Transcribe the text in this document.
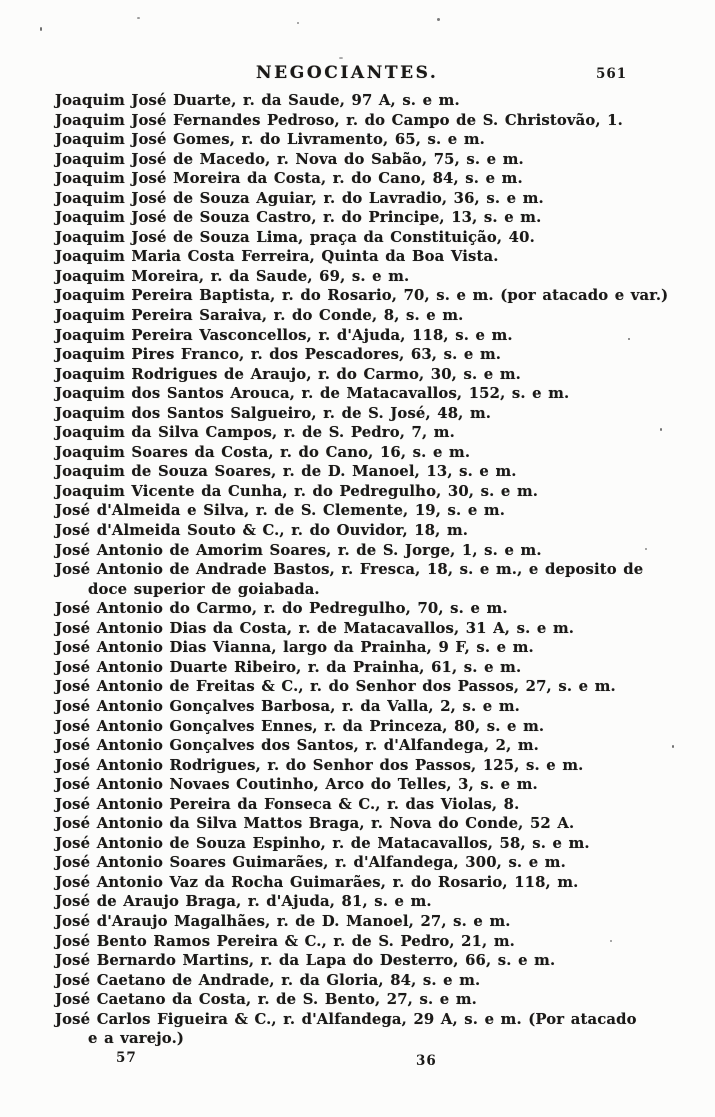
NEGOCIANTES.	561
Joaquim José Duarte, r. da Saude, 97 A, s. e m.
Joaquim José Fernandes Pedroso, r. do Campo de S. Christovão, 1.
Joaquim José Gomes, r. do Livramento, 65, s. e m.
Joaquim José de Macedo, r. Nova do Sabão, 75, s. e m.
Joaquim José Moreira da Costa, r. do Cano, 84, s. e m.
Joaquim José de Souza Aguiar, r. do Lavradio, 36, s. e m.
Joaquim José de Souza Castro, r. do Principe, 13, s. e m.
Joaquim José de Souza Lima, praça da Constituição, 40.
Joaquim Maria Costa Ferreira, Quinta da Boa Vista.
Joaquim Moreira, r. da Saude, 69, s. e m.
Joaquim Pereira Baptista, r. do Rosario, 70, s. e m. (por atacado e var.)
Joaquim Pereira Saraiva, r. do Conde, 8, s. e m.
Joaquim Pereira Vasconcellos, r. d'Ajuda, 118, s. e m.
Joaquim Pires Franco, r. dos Pescadores, 63, s. e m.
Joaquim Rodrigues de Araujo, r. do Carmo, 30, s. e m.
Joaquim dos Santos Arouca, r. de Matacavallos, 152, s. e m.
Joaquim dos Santos Salgueiro, r. de S. José, 48, m.
Joaquim da Silva Campos, r. de S. Pedro, 7, m.
Joaquim Soares da Costa, r. do Cano, 16, s. e m.
Joaquim de Souza Soares, r. de D. Manoel, 13, s. e m.
Joaquim Vicente da Cunha, r. do Pedregulho, 30, s. e m.
José d'Almeida e Silva, r. de S. Clemente, 19, s. e m.
José d'Almeida Souto & C., r. do Ouvidor, 18, m.
José Antonio de Amorim Soares, r. de S. Jorge, 1, s. e m.
José Antonio de Andrade Bastos, r. Fresca, 18, s. e m., e deposito de
doce superior de goiabada.
José Antonio do Carmo, r. do Pedregulho, 70, s. e m.
José Antonio Dias da Costa, r. de Matacavallos, 31 A, s. e m.
José Antonio Dias Vianna, largo da Prainha, 9 F, s. e m.
José Antonio Duarte Ribeiro, r. da Prainha, 61, s. e m.
José Antonio de Freitas & C., r. do Senhor dos Passos, 27, s. e m.
José Antonio Gonçalves Barbosa, r. da Valla, 2, s. e m.
José Antonio Gonçalves Ennes, r. da Princeza, 80, s. e m.
José Antonio Gonçalves dos Santos, r. d'Alfandega, 2, m.
José Antonio Rodrigues, r. do Senhor dos Passos, 125, s. e m.
José Antonio Novaes Coutinho, Arco do Telles, 3, s. e m.
José Antonio Pereira da Fonseca & C., r. das Violas, 8.
José Antonio da Silva Mattos Braga, r. Nova do Conde, 52 A.
José Antonio de Souza Espinho, r. de Matacavallos, 58, s. e m.
José Antonio Soares Guimarães, r. d'Alfandega, 300, s. e m.
José Antonio Vaz da Rocha Guimarães, r. do Rosario, 118, m.
José de Araujo Braga, r. d'Ajuda, 81, s. e m.
José d'Araujo Magalhães, r. de D. Manoel, 27, s. e m.
José Bento Ramos Pereira & C., r. de S. Pedro, 21, m.
José Bernardo Martins, r. da Lapa do Desterro, 66, s. e m.
José Caetano de Andrade, r. da Gloria, 84, s. e m.
José Caetano da Costa, r. de S. Bento, 27, s. e m.
José Carlos Figueira & C., r. d'Alfandega, 29 A, s. e m. (Por atacado
e a varejo.)
57	36
